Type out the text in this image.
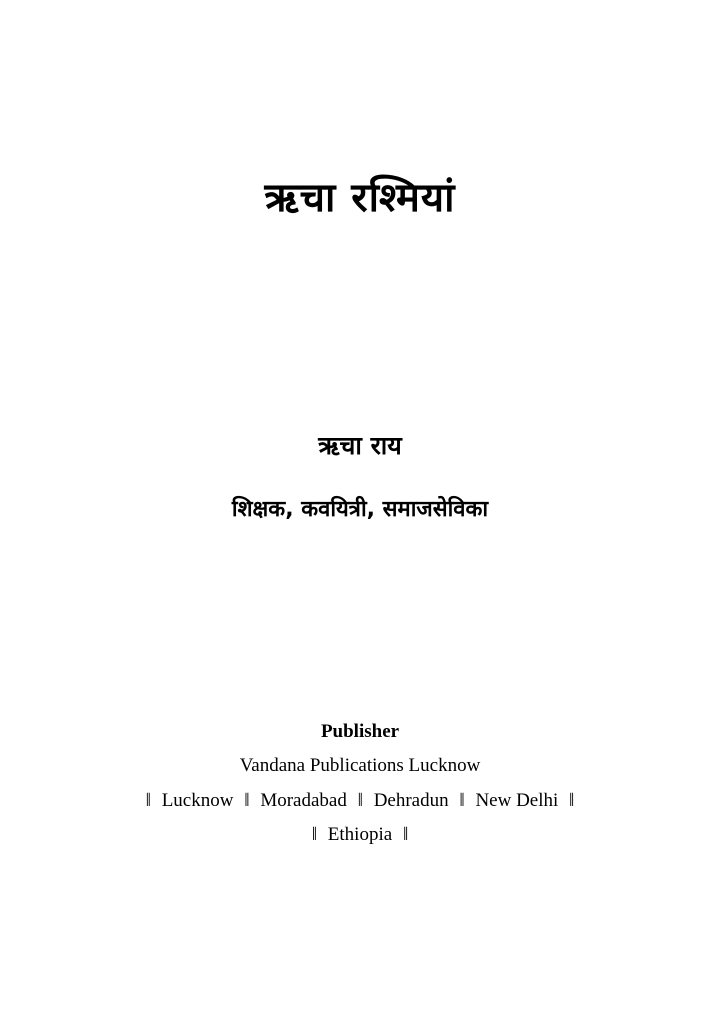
ऋचा रश्मियां
ऋचा राय
शिक्षक, कवयित्री, समाजसेविका
Publisher
Vandana Publications Lucknow
‖ Lucknow ‖ Moradabad ‖ Dehradun ‖ New Delhi ‖
‖ Ethiopia ‖
